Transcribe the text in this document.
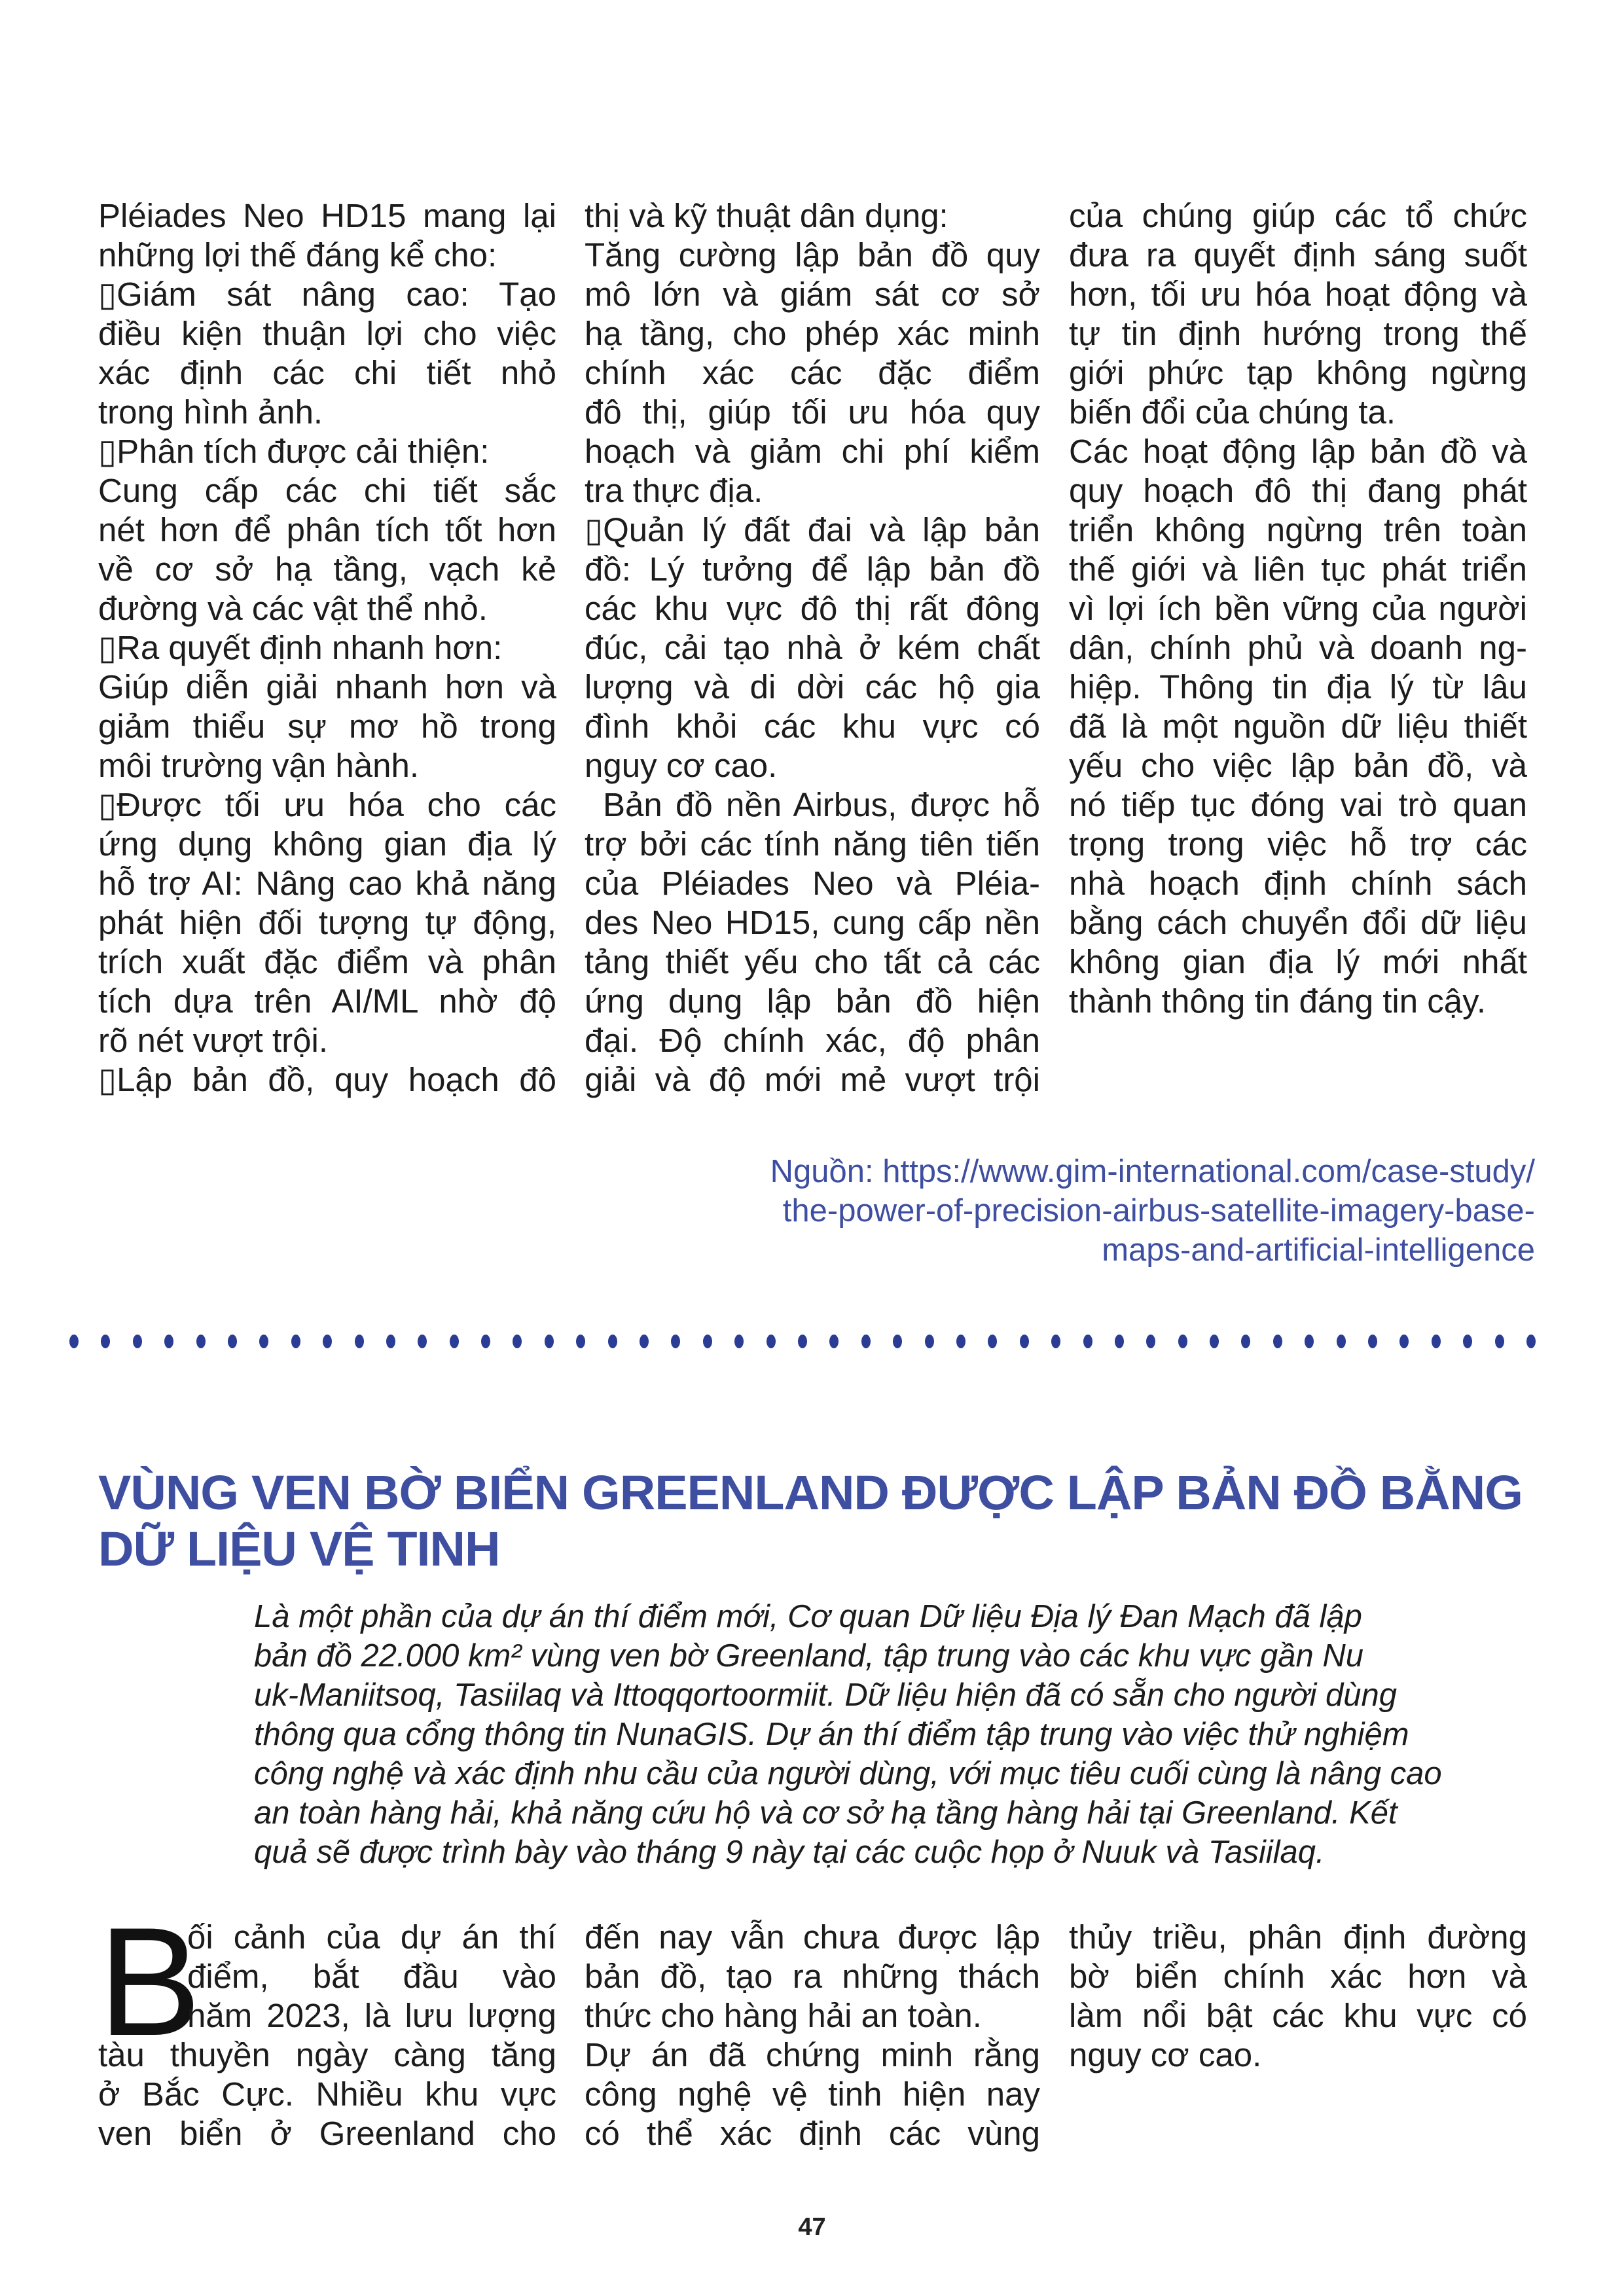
Pléiades Neo HD15 mang lại
những lợi thế đáng kể cho:
▯Giám sát nâng cao: Tạo
điều kiện thuận lợi cho việc
xác định các chi tiết nhỏ
trong hình ảnh.
▯Phân tích được cải thiện:
Cung cấp các chi tiết sắc
nét hơn để phân tích tốt hơn
về cơ sở hạ tầng, vạch kẻ
đường và các vật thể nhỏ.
▯Ra quyết định nhanh hơn:
Giúp diễn giải nhanh hơn và
giảm thiểu sự mơ hồ trong
môi trường vận hành.
▯Được tối ưu hóa cho các
ứng dụng không gian địa lý
hỗ trợ AI: Nâng cao khả năng
phát hiện đối tượng tự động,
trích xuất đặc điểm và phân
tích dựa trên AI/ML nhờ độ
rõ nét vượt trội.
▯Lập bản đồ, quy hoạch đô
thị và kỹ thuật dân dụng:
Tăng cường lập bản đồ quy
mô lớn và giám sát cơ sở
hạ tầng, cho phép xác minh
chính xác các đặc điểm
đô thị, giúp tối ưu hóa quy
hoạch và giảm chi phí kiểm
tra thực địa.
▯Quản lý đất đai và lập bản
đồ: Lý tưởng để lập bản đồ
các khu vực đô thị rất đông
đúc, cải tạo nhà ở kém chất
lượng và di dời các hộ gia
đình khỏi các khu vực có
nguy cơ cao.
Bản đồ nền Airbus, được hỗ
trợ bởi các tính năng tiên tiến
của Pléiades Neo và Pléia-
des Neo HD15, cung cấp nền
tảng thiết yếu cho tất cả các
ứng dụng lập bản đồ hiện
đại. Độ chính xác, độ phân
giải và độ mới mẻ vượt trội
của chúng giúp các tổ chức
đưa ra quyết định sáng suốt
hơn, tối ưu hóa hoạt động và
tự tin định hướng trong thế
giới phức tạp không ngừng
biến đổi của chúng ta.
Các hoạt động lập bản đồ và
quy hoạch đô thị đang phát
triển không ngừng trên toàn
thế giới và liên tục phát triển
vì lợi ích bền vững của người
dân, chính phủ và doanh ng-
hiệp. Thông tin địa lý từ lâu
đã là một nguồn dữ liệu thiết
yếu cho việc lập bản đồ, và
nó tiếp tục đóng vai trò quan
trọng trong việc hỗ trợ các
nhà hoạch định chính sách
bằng cách chuyển đổi dữ liệu
không gian địa lý mới nhất
thành thông tin đáng tin cậy.
Nguồn: https://www.gim-international.com/case-study/
the-power-of-precision-airbus-satellite-imagery-base-
maps-and-artificial-intelligence
VÙNG VEN BỜ BIỂN GREENLAND ĐƯỢC LẬP BẢN ĐỒ BẰNG
DỮ LIỆU VỆ TINH
Là một phần của dự án thí điểm mới, Cơ quan Dữ liệu Địa lý Đan Mạch đã lập
bản đồ 22.000 km² vùng ven bờ Greenland, tập trung vào các khu vực gần Nu
uk-Maniitsoq, Tasiilaq và Ittoqqortoormiit. Dữ liệu hiện đã có sẵn cho người dùng
thông qua cổng thông tin NunaGIS. Dự án thí điểm tập trung vào việc thử nghiệm
công nghệ và xác định nhu cầu của người dùng, với mục tiêu cuối cùng là nâng cao
an toàn hàng hải, khả năng cứu hộ và cơ sở hạ tầng hàng hải tại Greenland. Kết
quả sẽ được trình bày vào tháng 9 này tại các cuộc họp ở Nuuk và Tasiilaq.
B
ối cảnh của dự án thí
điểm, bắt đầu vào
năm 2023, là lưu lượng
tàu thuyền ngày càng tăng
ở Bắc Cực. Nhiều khu vực
ven biển ở Greenland cho
đến nay vẫn chưa được lập
bản đồ, tạo ra những thách
thức cho hàng hải an toàn.
Dự án đã chứng minh rằng
công nghệ vệ tinh hiện nay
có thể xác định các vùng
thủy triều, phân định đường
bờ biển chính xác hơn và
làm nổi bật các khu vực có
nguy cơ cao.
47
